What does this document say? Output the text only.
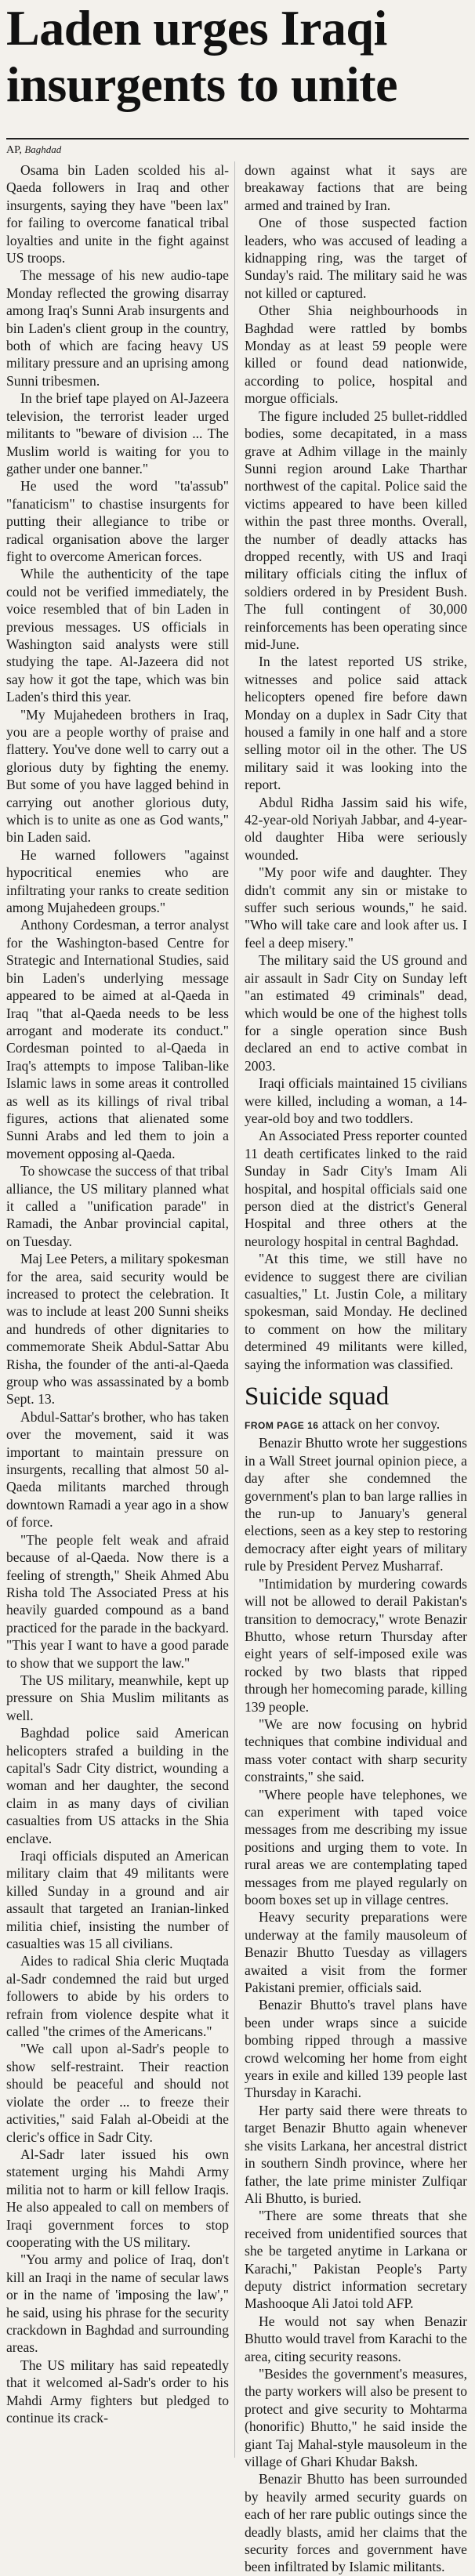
Laden urges Iraqi insurgents to unite
AP, Baghdad

Osama bin Laden scolded his al-Qaeda followers in Iraq and other insurgents, saying they have "been lax" for failing to overcome fanatical tribal loyalties and unite in the fight against US troops.

The message of his new audio-tape Monday reflected the growing disarray among Iraq's Sunni Arab insurgents and bin Laden's client group in the country, both of which are facing heavy US military pressure and an uprising among Sunni tribesmen.

In the brief tape played on Al-Jazeera television, the terrorist leader urged militants to "beware of division ... The Muslim world is waiting for you to gather under one banner."

He used the word "ta'assub" "fanaticism" to chastise insurgents for putting their allegiance to tribe or radical organisation above the larger fight to overcome American forces.

While the authenticity of the tape could not be verified immediately, the voice resembled that of bin Laden in previous messages. US officials in Washington said analysts were still studying the tape. Al-Jazeera did not say how it got the tape, which was bin Laden's third this year.

"My Mujahedeen brothers in Iraq, you are a people worthy of praise and flattery. You've done well to carry out a glorious duty by fighting the enemy. But some of you have lagged behind in carrying out another glorious duty, which is to unite as one as God wants," bin Laden said.

He warned followers "against hypocritical enemies who are infiltrating your ranks to create sedition among Mujahedeen groups."

Anthony Cordesman, a terror analyst for the Washington-based Centre for Strategic and International Studies, said bin Laden's underlying message appeared to be aimed at al-Qaeda in Iraq "that al-Qaeda needs to be less arrogant and moderate its conduct." Cordesman pointed to al-Qaeda in Iraq's attempts to impose Taliban-like Islamic laws in some areas it controlled as well as its killings of rival tribal figures, actions that alienated some Sunni Arabs and led them to join a movement opposing al-Qaeda.

To showcase the success of that tribal alliance, the US military planned what it called a "unification parade" in Ramadi, the Anbar provincial capital, on Tuesday.

Maj Lee Peters, a military spokesman for the area, said security would be increased to protect the celebration. It was to include at least 200 Sunni sheiks and hundreds of other dignitaries to commemorate Sheik Abdul-Sattar Abu Risha, the founder of the anti-al-Qaeda group who was assassinated by a bomb Sept. 13.

Abdul-Sattar's brother, who has taken over the movement, said it was important to maintain pressure on insurgents, recalling that almost 50 al-Qaeda militants marched through downtown Ramadi a year ago in a show of force.

"The people felt weak and afraid because of al-Qaeda. Now there is a feeling of strength," Sheik Ahmed Abu Risha told The Associated Press at his heavily guarded compound as a band practiced for the parade in the backyard. "This year I want to have a good parade to show that we support the law."

The US military, meanwhile, kept up pressure on Shia Muslim militants as well.

Baghdad police said American helicopters strafed a building in the capital's Sadr City district, wounding a woman and her daughter, the second claim in as many days of civilian casualties from US attacks in the Shia enclave.

Iraqi officials disputed an American military claim that 49 militants were killed Sunday in a ground and air assault that targeted an Iranian-linked militia chief, insisting the number of casualties was 15 all civilians.

Aides to radical Shia cleric Muqtada al-Sadr condemned the raid but urged followers to abide by his orders to refrain from violence despite what it called "the crimes of the Americans."

"We call upon al-Sadr's people to show self-restraint. Their reaction should be peaceful and should not violate the order ... to freeze their activities," said Falah al-Obeidi at the cleric's office in Sadr City.

Al-Sadr later issued his own statement urging his Mahdi Army militia not to harm or kill fellow Iraqis. He also appealed to call on members of Iraqi government forces to stop cooperating with the US military.

"You army and police of Iraq, don't kill an Iraqi in the name of secular laws or in the name of 'imposing the law'," he said, using his phrase for the security crackdown in Baghdad and surrounding areas.

The US military has said repeatedly that it welcomed al-Sadr's order to his Mahdi Army fighters but pledged to continue its crack-

down against what it says are breakaway factions that are being armed and trained by Iran.

One of those suspected faction leaders, who was accused of leading a kidnapping ring, was the target of Sunday's raid. The military said he was not killed or captured.

Other Shia neighbourhoods in Baghdad were rattled by bombs Monday as at least 59 people were killed or found dead nationwide, according to police, hospital and morgue officials.

The figure included 25 bullet-riddled bodies, some decapitated, in a mass grave at Adhim village in the mainly Sunni region around Lake Tharthar northwest of the capital. Police said the victims appeared to have been killed within the past three months. Overall, the number of deadly attacks has dropped recently, with US and Iraqi military officials citing the influx of soldiers ordered in by President Bush. The full contingent of 30,000 reinforcements has been operating since mid-June.

In the latest reported US strike, witnesses and police said attack helicopters opened fire before dawn Monday on a duplex in Sadr City that housed a family in one half and a store selling motor oil in the other. The US military said it was looking into the report.

Abdul Ridha Jassim said his wife, 42-year-old Noriyah Jabbar, and 4-year-old daughter Hiba were seriously wounded.

"My poor wife and daughter. They didn't commit any sin or mistake to suffer such serious wounds," he said. "Who will take care and look after us. I feel a deep misery."

The military said the US ground and air assault in Sadr City on Sunday left "an estimated 49 criminals" dead, which would be one of the highest tolls for a single operation since Bush declared an end to active combat in 2003.

Iraqi officials maintained 15 civilians were killed, including a woman, a 14-year-old boy and two toddlers.

An Associated Press reporter counted 11 death certificates linked to the raid Sunday in Sadr City's Imam Ali hospital, and hospital officials said one person died at the district's General Hospital and three others at the neurology hospital in central Baghdad.

"At this time, we still have no evidence to suggest there are civilian casualties," Lt. Justin Cole, a military spokesman, said Monday. He declined to comment on how the military determined 49 militants were killed, saying the information was classified.

Suicide squad

FROM PAGE 16 attack on her convoy.

Benazir Bhutto wrote her suggestions in a Wall Street journal opinion piece, a day after she condemned the government's plan to ban large rallies in the run-up to January's general elections, seen as a key step to restoring democracy after eight years of military rule by President Pervez Musharraf.

"Intimidation by murdering cowards will not be allowed to derail Pakistan's transition to democracy," wrote Benazir Bhutto, whose return Thursday after eight years of self-imposed exile was rocked by two blasts that ripped through her homecoming parade, killing 139 people.

"We are now focusing on hybrid techniques that combine individual and mass voter contact with sharp security constraints," she said.

"Where people have telephones, we can experiment with taped voice messages from me describing my issue positions and urging them to vote. In rural areas we are contemplating taped messages from me played regularly on boom boxes set up in village centres.

Heavy security preparations were underway at the family mausoleum of Benazir Bhutto Tuesday as villagers awaited a visit from the former Pakistani premier, officials said.

Benazir Bhutto's travel plans have been under wraps since a suicide bombing ripped through a massive crowd welcoming her home from eight years in exile and killed 139 people last Thursday in Karachi.

Her party said there were threats to target Benazir Bhutto again whenever she visits Larkana, her ancestral district in southern Sindh province, where her father, the late prime minister Zulfiqar Ali Bhutto, is buried.

"There are some threats that she received from unidentified sources that she be targeted anytime in Larkana or Karachi," Pakistan People's Party deputy district information secretary Mashooque Ali Jatoi told AFP.

He would not say when Benazir Bhutto would travel from Karachi to the area, citing security reasons.

"Besides the government's measures, the party workers will also be present to protect and give security to Mohtarma (honorific) Bhutto," he said inside the giant Taj Mahal-style mausoleum in the village of Ghari Khudar Baksh.

Benazir Bhutto has been surrounded by heavily armed security guards on each of her rare public outings since the deadly blasts, amid her claims that the security forces and government have been infiltrated by Islamic militants.
